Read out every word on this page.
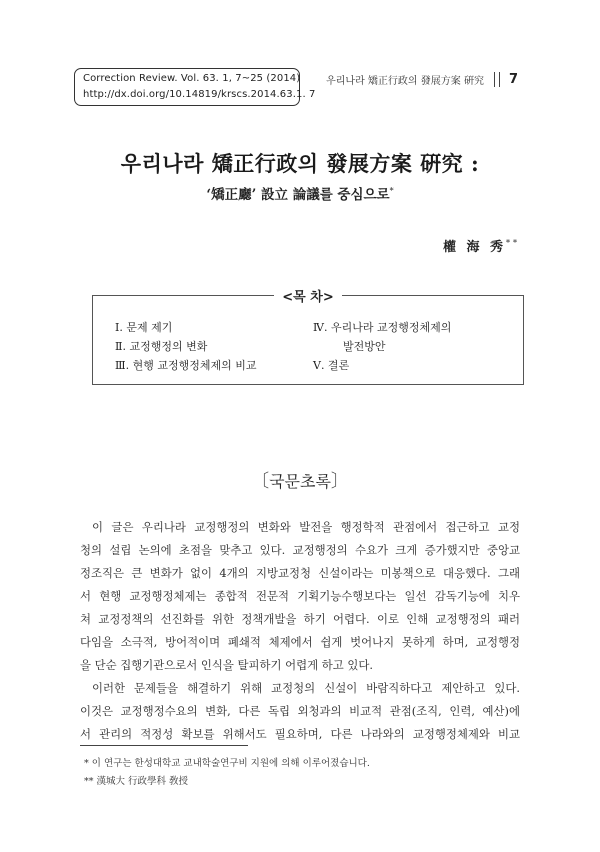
Correction Review. Vol. 63. 1, 7~25 (2014)
http://dx.doi.org/10.14819/krscs.2014.63.1. 7
우리나라 矯正行政의 發展方案 硏究 7
우리나라 矯正行政의 發展方案 硏究 :
‘矯正廳’ 設立 論議를 중심으로*
權 海 秀**
<목 차>
Ⅰ. 문제 제기
Ⅱ. 교정행정의 변화
Ⅲ. 현행 교정행정체제의 비교
Ⅳ. 우리나라 교정행정체제의
발전방안
Ⅴ. 결론
〔국문초록〕
이 글은 우리나라 교정행정의 변화와 발전을 행정학적 관점에서 접근하고 교정
청의 설립 논의에 초점을 맞추고 있다. 교정행정의 수요가 크게 증가했지만 중앙교
정조직은 큰 변화가 없이 4개의 지방교정청 신설이라는 미봉책으로 대응했다. 그래
서 현행 교정행정체제는 종합적 전문적 기획기능수행보다는 일선 감독기능에 치우
쳐 교정정책의 선진화를 위한 정책개발을 하기 어렵다. 이로 인해 교정행정의 패러
다임을 소극적, 방어적이며 폐쇄적 체제에서 쉽게 벗어나지 못하게 하며, 교정행정
을 단순 집행기관으로서 인식을 탈피하기 어렵게 하고 있다.
이러한 문제들을 해결하기 위해 교정청의 신설이 바람직하다고 제안하고 있다.
이것은 교정행정수요의 변화, 다른 독립 외청과의 비교적 관점(조직, 인력, 예산)에
서 관리의 적정성 확보를 위해서도 필요하며, 다른 나라와의 교정행정체제와 비교
* 이 연구는 한성대학교 교내학술연구비 지원에 의해 이루어졌습니다.
** 漢城大 行政學科 敎授
